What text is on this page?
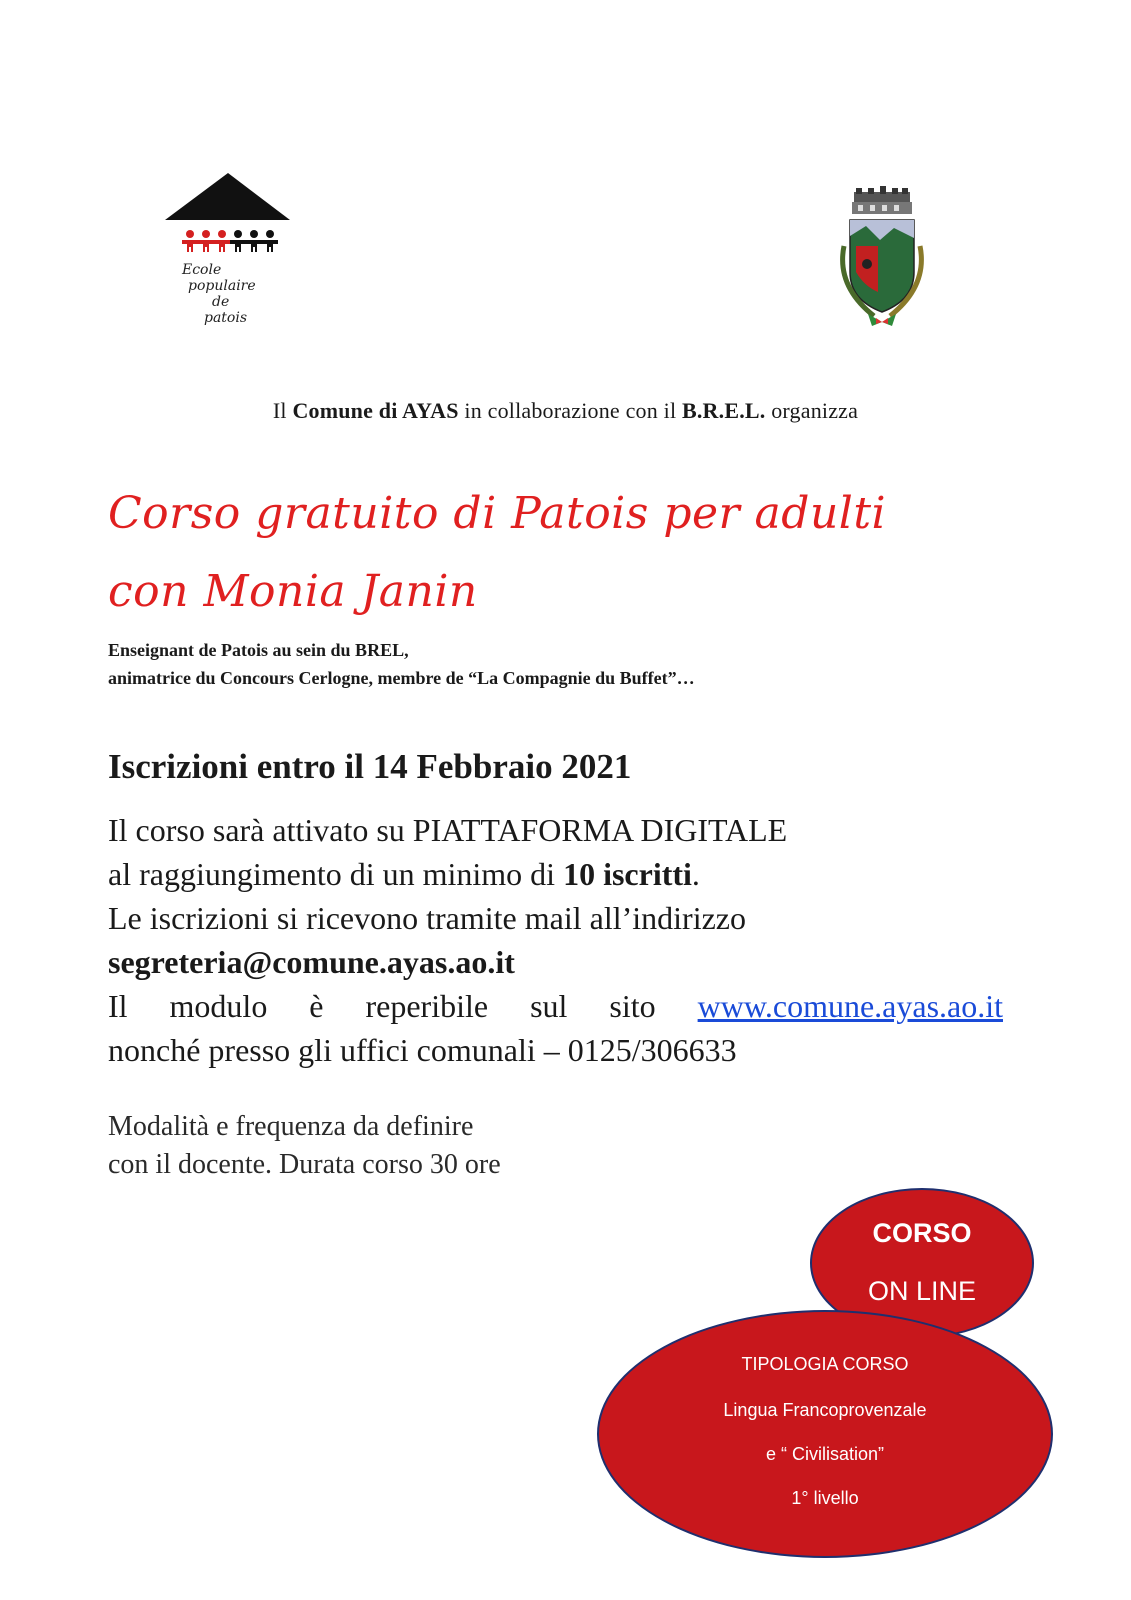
Ecole
populaire
de
patois
Il Comune di AYAS in collaborazione con il B.R.E.L. organizza
Corso gratuito di Patois per adulti
con Monia Janin
Enseignant de Patois au sein du BREL,
animatrice du Concours Cerlogne, membre de “La Compagnie du Buffet”…
Iscrizioni entro il 14 Febbraio 2021
Il corso sarà attivato su PIATTAFORMA DIGITALE
al raggiungimento di un minimo di 10 iscritti.
Le iscrizioni si ricevono tramite mail all’indirizzo
segreteria@comune.ayas.ao.it
Il modulo è reperibile sul sito www.comune.ayas.ao.it
nonché presso gli uffici comunali – 0125/306633
Modalità e frequenza da definire
con il docente. Durata corso 30 ore
CORSO
ON LINE
TIPOLOGIA CORSO
Lingua Francoprovenzale
e “ Civilisation”
1° livello
